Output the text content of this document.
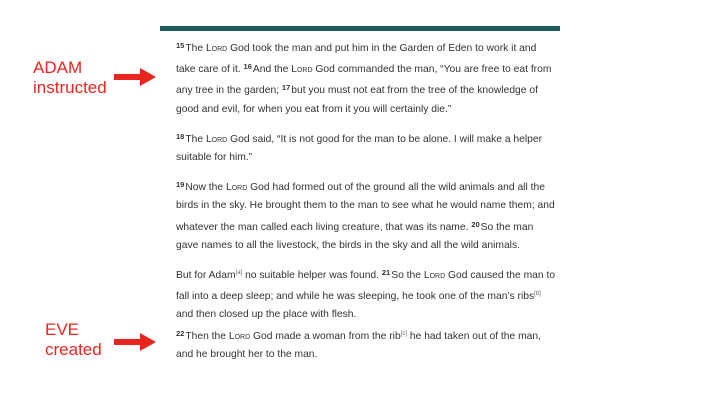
ADAM
instructed
EVE
created

$^{15}$The Lord God took the man and put him in the Garden of Eden to work it and take care of it. $^{16}$And the Lord God commanded the man, “You are free to eat from any tree in the garden; $^{17}$but you must not eat from the tree of the knowledge of good and evil, for when you eat from it you will certainly die.”

$^{18}$The Lord God said, “It is not good for the man to be alone. I will make a helper suitable for him.”

$^{19}$Now the Lord God had formed out of the ground all the wild animals and all the birds in the sky. He brought them to the man to see what he would name them; and whatever the man called each living creature, that was its name. $^{20}$So the man gave names to all the livestock, the birds in the sky and all the wild animals.

But for Adam[a] no suitable helper was found. $^{21}$So the Lord God caused the man to fall into a deep sleep; and while he was sleeping, he took one of the man’s ribs[b] and then closed up the place with flesh.
$^{22}$Then the Lord God made a woman from the rib[c] he had taken out of the man, and he brought her to the man.
